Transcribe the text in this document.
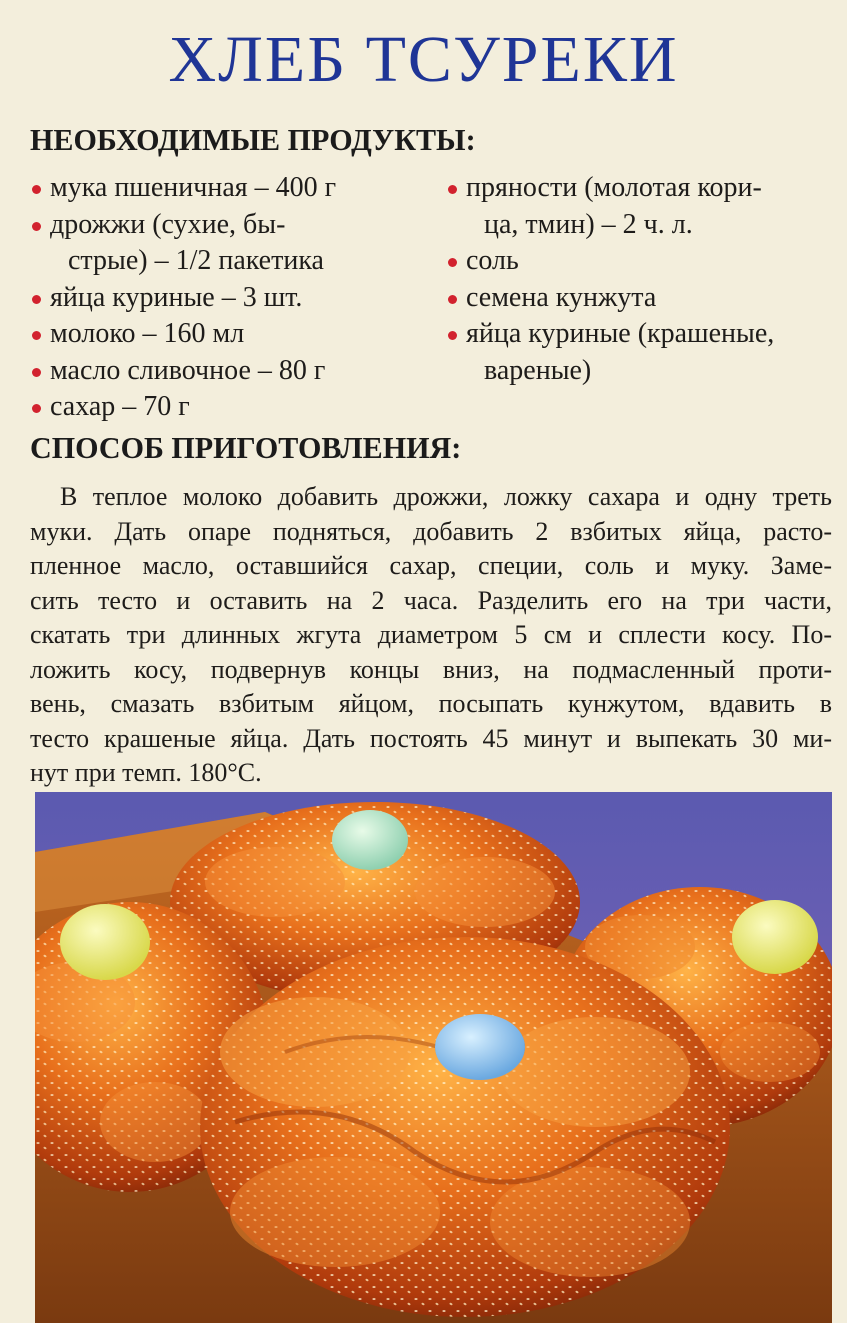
ХЛЕБ ТСУРЕКИ
НЕОБХОДИМЫЕ ПРОДУКТЫ:
мука пшеничная – 400 г
дрожжи (сухие, бы-
стрые) – 1/2 пакетика
яйца куриные – 3 шт.
молоко – 160 мл
масло сливочное – 80 г
сахар – 70 г
пряности (молотая кори-
ца, тмин) – 2 ч. л.
соль
семена кунжута
яйца куриные (крашеные,
вареные)
СПОСОБ ПРИГОТОВЛЕНИЯ:
В теплое молоко добавить дрожжи, ложку сахара и одну треть
муки. Дать опаре подняться, добавить 2 взбитых яйца, расто-
пленное масло, оставшийся сахар, специи, соль и муку. Заме-
сить тесто и оставить на 2 часа. Разделить его на три части,
скатать три длинных жгута диаметром 5 см и сплести косу. По-
ложить косу, подвернув концы вниз, на подмасленный проти-
вень, смазать взбитым яйцом, посыпать кунжутом, вдавить в
тесто крашеные яйца. Дать постоять 45 минут и выпекать 30 ми-
нут при темп. 180°C.
